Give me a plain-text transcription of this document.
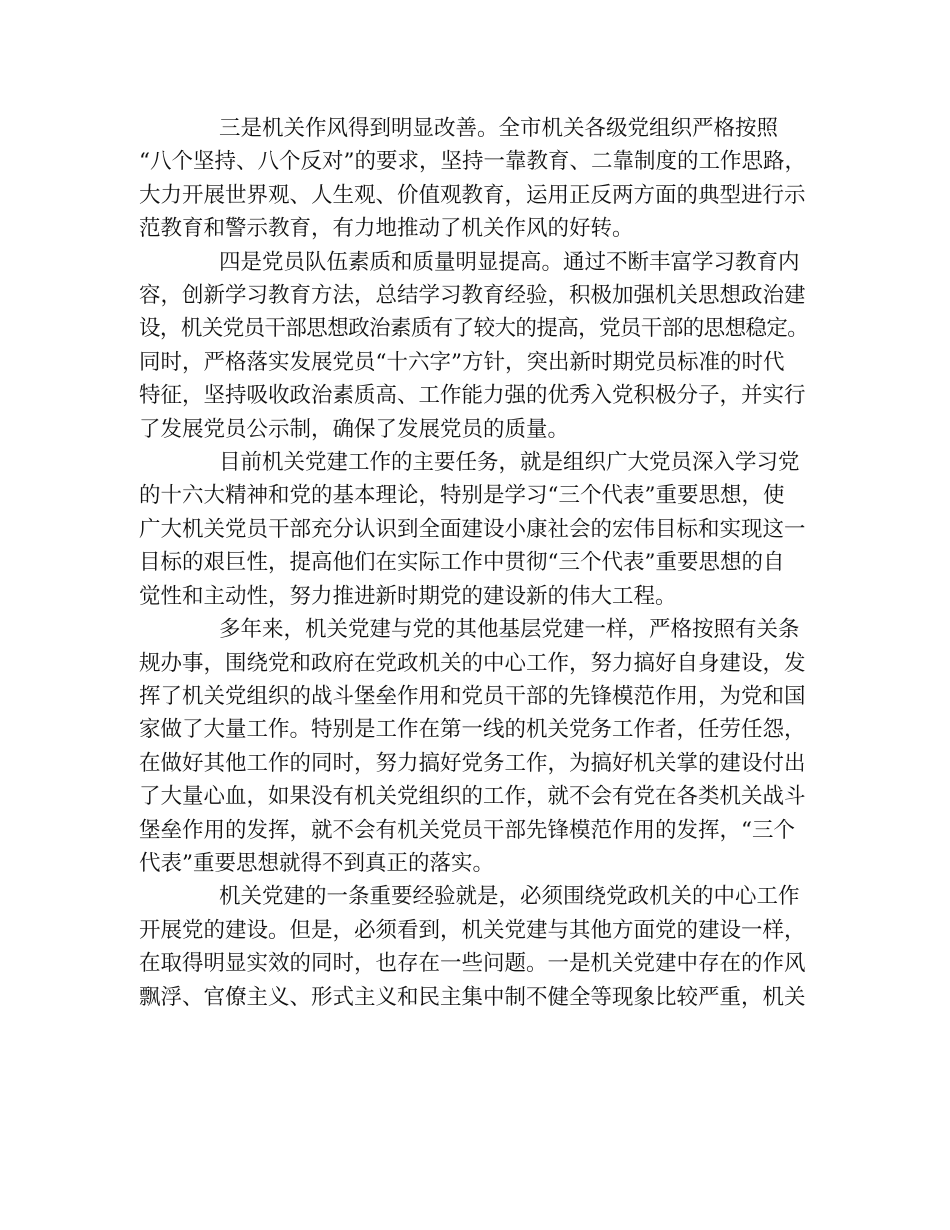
三是机关作风得到明显改善。全市机关各级党组织严格按照
“八个坚持、八个反对”的要求，坚持一靠教育、二靠制度的工作思路，
大力开展世界观、人生观、价值观教育，运用正反两方面的典型进行示
范教育和警示教育，有力地推动了机关作风的好转。

四是党员队伍素质和质量明显提高。通过不断丰富学习教育内
容，创新学习教育方法，总结学习教育经验，积极加强机关思想政治建
设，机关党员干部思想政治素质有了较大的提高，党员干部的思想稳定。
同时，严格落实发展党员“十六字”方针，突出新时期党员标准的时代
特征，坚持吸收政治素质高、工作能力强的优秀入党积极分子，并实行
了发展党员公示制，确保了发展党员的质量。

目前机关党建工作的主要任务，就是组织广大党员深入学习党
的十六大精神和党的基本理论，特别是学习“三个代表”重要思想，使
广大机关党员干部充分认识到全面建设小康社会的宏伟目标和实现这一
目标的艰巨性，提高他们在实际工作中贯彻“三个代表”重要思想的自
觉性和主动性，努力推进新时期党的建设新的伟大工程。

多年来，机关党建与党的其他基层党建一样，严格按照有关条
规办事，围绕党和政府在党政机关的中心工作，努力搞好自身建设，发
挥了机关党组织的战斗堡垒作用和党员干部的先锋模范作用，为党和国
家做了大量工作。特别是工作在第一线的机关党务工作者，任劳任怨，
在做好其他工作的同时，努力搞好党务工作，为搞好机关掌的建设付出
了大量心血，如果没有机关党组织的工作，就不会有党在各类机关战斗
堡垒作用的发挥，就不会有机关党员干部先锋模范作用的发挥，“三个
代表”重要思想就得不到真正的落实。

机关党建的一条重要经验就是，必须围绕党政机关的中心工作
开展党的建设。但是，必须看到，机关党建与其他方面党的建设一样，
在取得明显实效的同时，也存在一些问题。一是机关党建中存在的作风
飘浮、官僚主义、形式主义和民主集中制不健全等现象比较严重，机关
